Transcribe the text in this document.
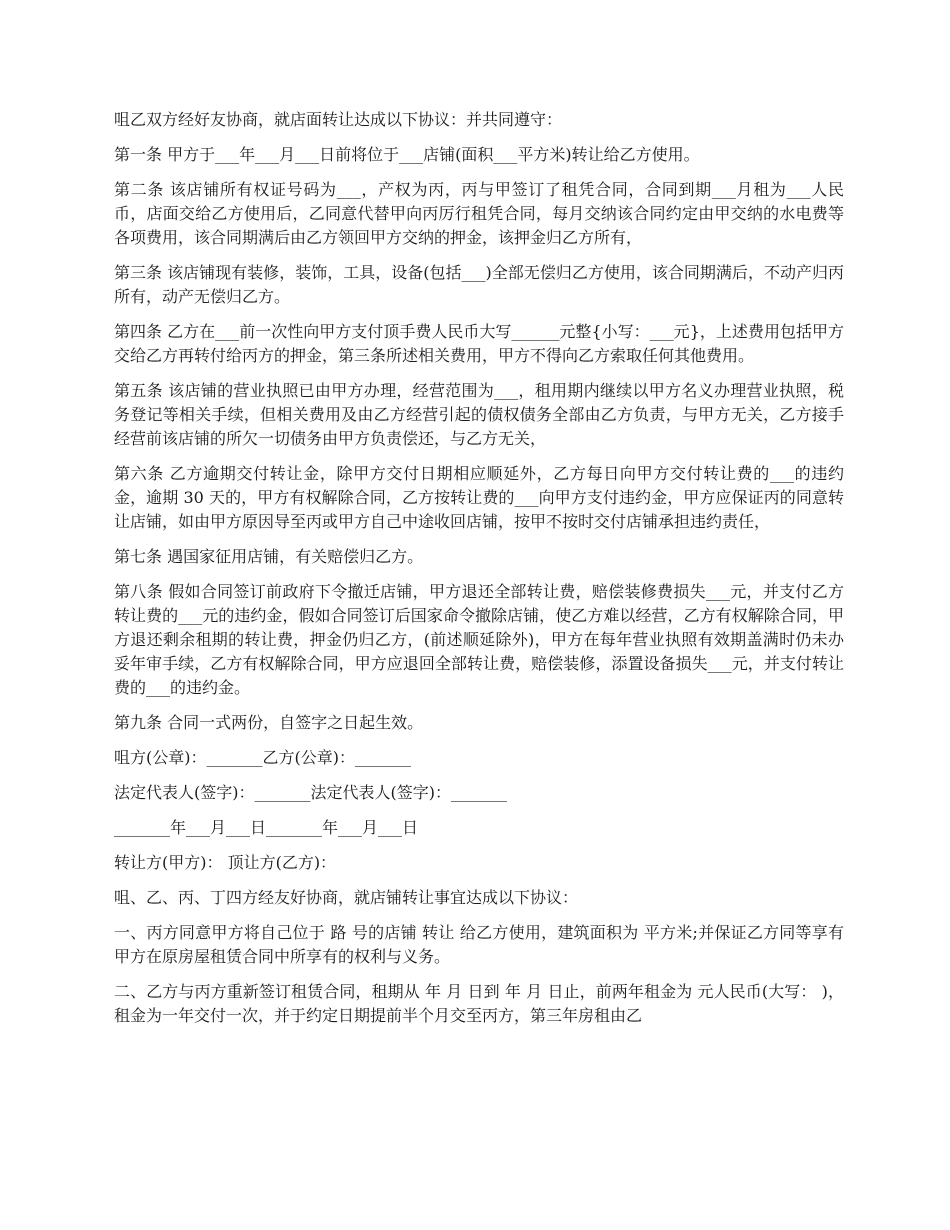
咀乙双方经好友协商，就店面转让达成以下协议：并共同遵守：

第一条 甲方于___年___月___日前将位于___店铺(面积___平方米)转让给乙方使用。

第二条 该店铺所有权证号码为___，产权为丙，丙与甲签订了租凭合同，合同到期___月租为___人民币，店面交给乙方使用后，乙同意代替甲向丙厉行租凭合同，每月交纳该合同约定由甲交纳的水电费等各项费用，该合同期满后由乙方领回甲方交纳的押金，该押金归乙方所有，

第三条 该店铺现有装修，装饰，工具，设备(包括___)全部无偿归乙方使用，该合同期满后，不动产归丙所有，动产无偿归乙方。

第四条 乙方在___前一次性向甲方支付顶手费人民币大写______元整{小写：___元}，上述费用包括甲方交给乙方再转付给丙方的押金，第三条所述相关费用，甲方不得向乙方索取任何其他费用。

第五条 该店铺的营业执照已由甲方办理，经营范围为___，租用期内继续以甲方名义办理营业执照，税务登记等相关手续，但相关费用及由乙方经营引起的债权债务全部由乙方负责，与甲方无关，乙方接手经营前该店铺的所欠一切债务由甲方负责偿还，与乙方无关，

第六条 乙方逾期交付转让金，除甲方交付日期相应顺延外，乙方每日向甲方交付转让费的___的违约金，逾期 30 天的，甲方有权解除合同，乙方按转让费的___向甲方支付违约金，甲方应保证丙的同意转让店铺，如由甲方原因导至丙或甲方自己中途收回店铺，按甲不按时交付店铺承担违约责任，

第七条 遇国家征用店铺，有关赔偿归乙方。

第八条 假如合同签订前政府下令撤迁店铺，甲方退还全部转让费，赔偿装修费损失___元，并支付乙方转让费的___元的违约金，假如合同签订后国家命令撤除店铺，使乙方难以经营，乙方有权解除合同，甲方退还剩余租期的转让费，押金仍归乙方，(前述顺延除外)，甲方在每年营业执照有效期盖满时仍未办妥年审手续，乙方有权解除合同，甲方应退回全部转让费，赔偿装修，添置设备损失___元，并支付转让费的___的违约金。

第九条 合同一式两份，自签字之日起生效。

咀方(公章)：_______乙方(公章)：_______

法定代表人(签字)：_______法定代表人(签字)：_______

_______年___月___日_______年___月___日

转让方(甲方)： 顶让方(乙方)：

咀、乙、丙、丁四方经友好协商，就店铺转让事宜达成以下协议：

一、丙方同意甲方将自己位于 路 号的店铺 转让 给乙方使用，建筑面积为 平方米;并保证乙方同等享有甲方在原房屋租赁合同中所享有的权利与义务。

二、乙方与丙方重新签订租赁合同，租期从 年 月 日到 年 月 日止，前两年租金为 元人民币(大写： )，租金为一年交付一次，并于约定日期提前半个月交至丙方，第三年房租由乙
